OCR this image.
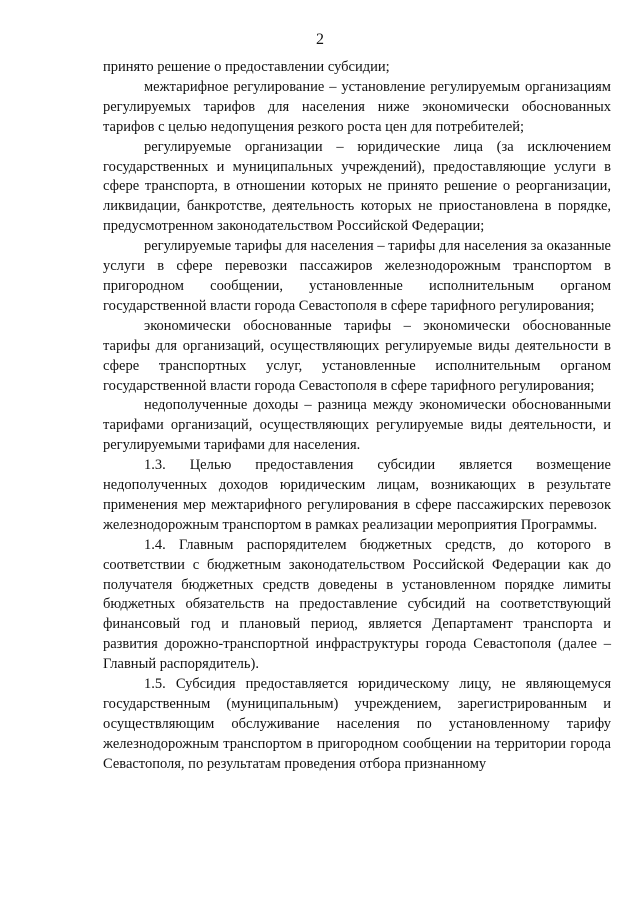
2

принято решение о предоставлении субсидии;

межтарифное регулирование – установление регулируемым организациям регулируемых тарифов для населения ниже экономически обоснованных тарифов с целью недопущения резкого роста цен для потребителей;

регулируемые организации – юридические лица (за исключением государственных и муниципальных учреждений), предоставляющие услуги в сфере транспорта, в отношении которых не принято решение о реорганизации, ликвидации, банкротстве, деятельность которых не приостановлена в порядке, предусмотренном законодательством Российской Федерации;

регулируемые тарифы для населения – тарифы для населения за оказанные услуги в сфере перевозки пассажиров железнодорожным транспортом в пригородном сообщении, установленные исполнительным органом государственной власти города Севастополя в сфере тарифного регулирования;

экономически обоснованные тарифы – экономически обоснованные тарифы для организаций, осуществляющих регулируемые виды деятельности в сфере транспортных услуг, установленные исполнительным органом государственной власти города Севастополя в сфере тарифного регулирования;

недополученные доходы – разница между экономически обоснованными тарифами организаций, осуществляющих регулируемые виды деятельности, и регулируемыми тарифами для населения.

1.3. Целью предоставления субсидии является возмещение недополученных доходов юридическим лицам, возникающих в результате применения мер межтарифного регулирования в сфере пассажирских перевозок железнодорожным транспортом в рамках реализации мероприятия Программы.

1.4. Главным распорядителем бюджетных средств, до которого в соответствии с бюджетным законодательством Российской Федерации как до получателя бюджетных средств доведены в установленном порядке лимиты бюджетных обязательств на предоставление субсидий на соответствующий финансовый год и плановый период, является Департамент транспорта и развития дорожно-транспортной инфраструктуры города Севастополя (далее – Главный распорядитель).

1.5. Субсидия предоставляется юридическому лицу, не являющемуся государственным (муниципальным) учреждением, зарегистрированным и осуществляющим обслуживание населения по установленному тарифу железнодорожным транспортом в пригородном сообщении на территории города Севастополя, по результатам проведения отбора признанному
